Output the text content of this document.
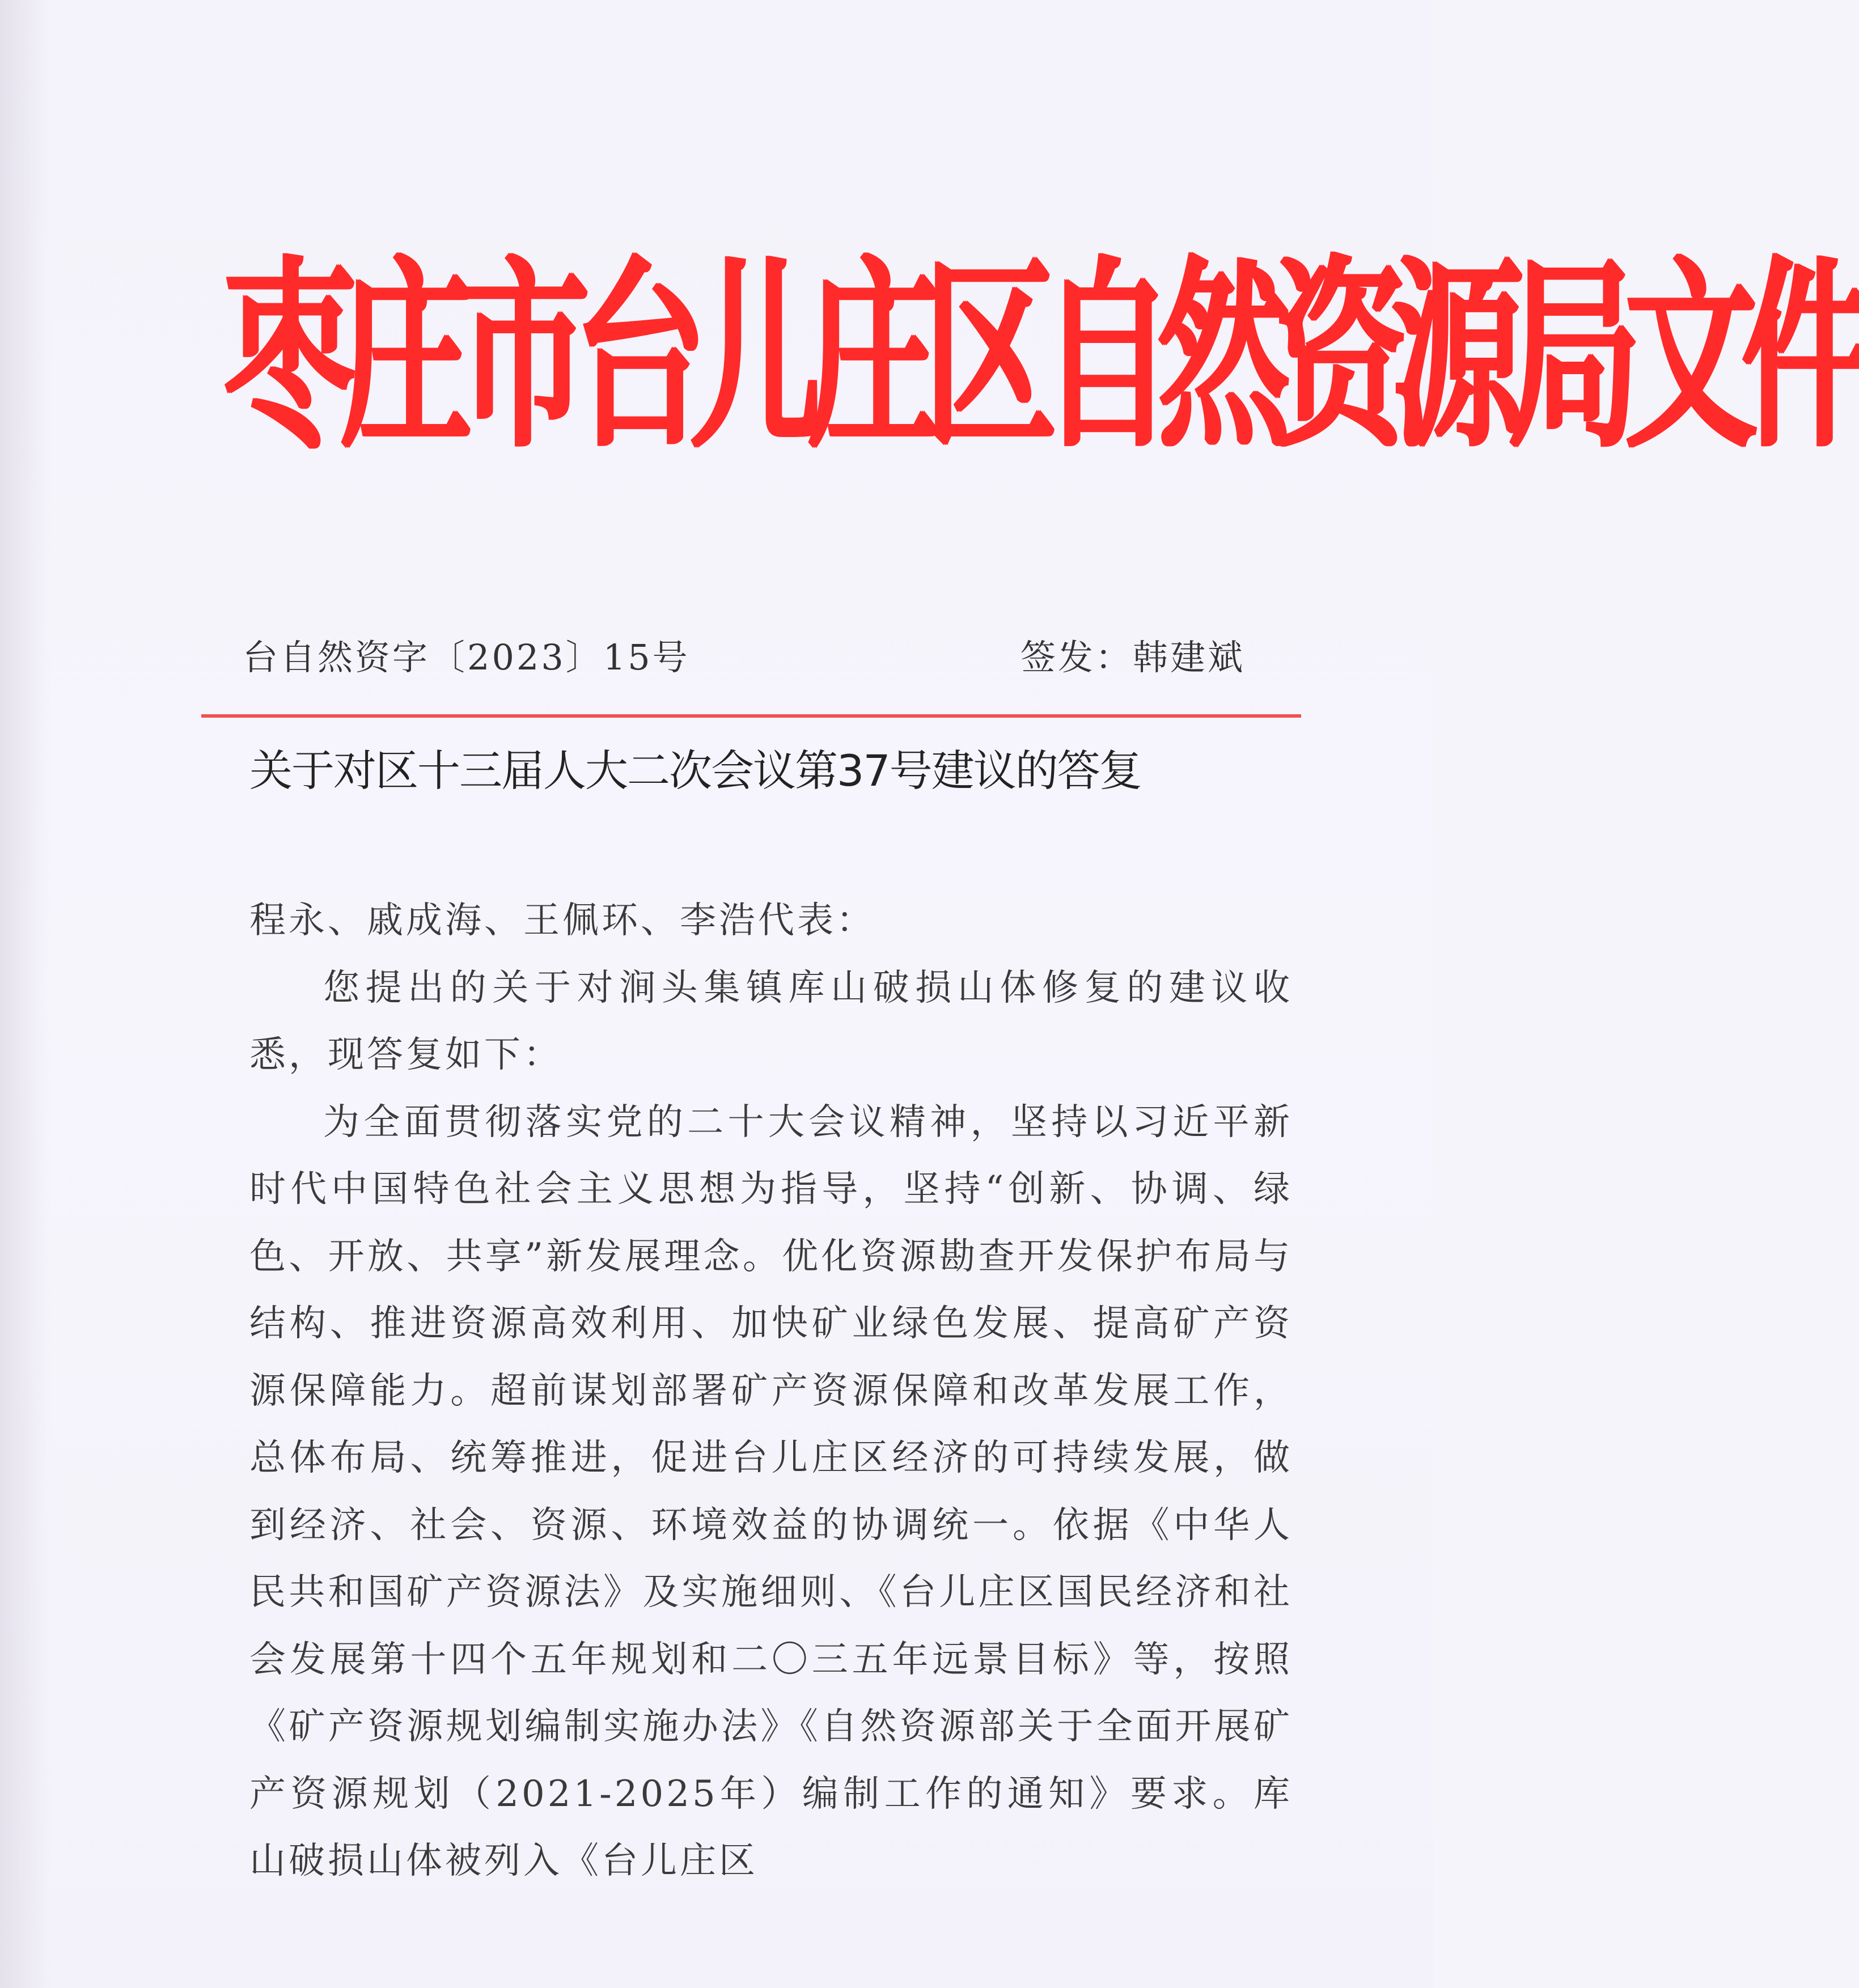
枣庄市台儿庄区自然资源局文件
台自然资字〔2023〕15号	签发：韩建斌
关于对区十三届人大二次会议第37号建议的答复

程永、戚成海、王佩环、李浩代表：

您提出的关于对涧头集镇库山破损山体修复的建议收悉，现答复如下：

为全面贯彻落实党的二十大会议精神，坚持以习近平新时代中国特色社会主义思想为指导，坚持“创新、协调、绿色、开放、共享”新发展理念。优化资源勘查开发保护布局与结构、推进资源高效利用、加快矿业绿色发展、提高矿产资源保障能力。超前谋划部署矿产资源保障和改革发展工作，总体布局、统筹推进，促进台儿庄区经济的可持续发展，做到经济、社会、资源、环境效益的协调统一。依据《中华人民共和国矿产资源法》及实施细则、《台儿庄区国民经济和社会发展第十四个五年规划和二〇三五年远景目标》等，按照《矿产资源规划编制实施办法》《自然资源部关于全面开展矿产资源规划（2021-2025年）编制工作的通知》要求。库山破损山体被列入《台儿庄区
